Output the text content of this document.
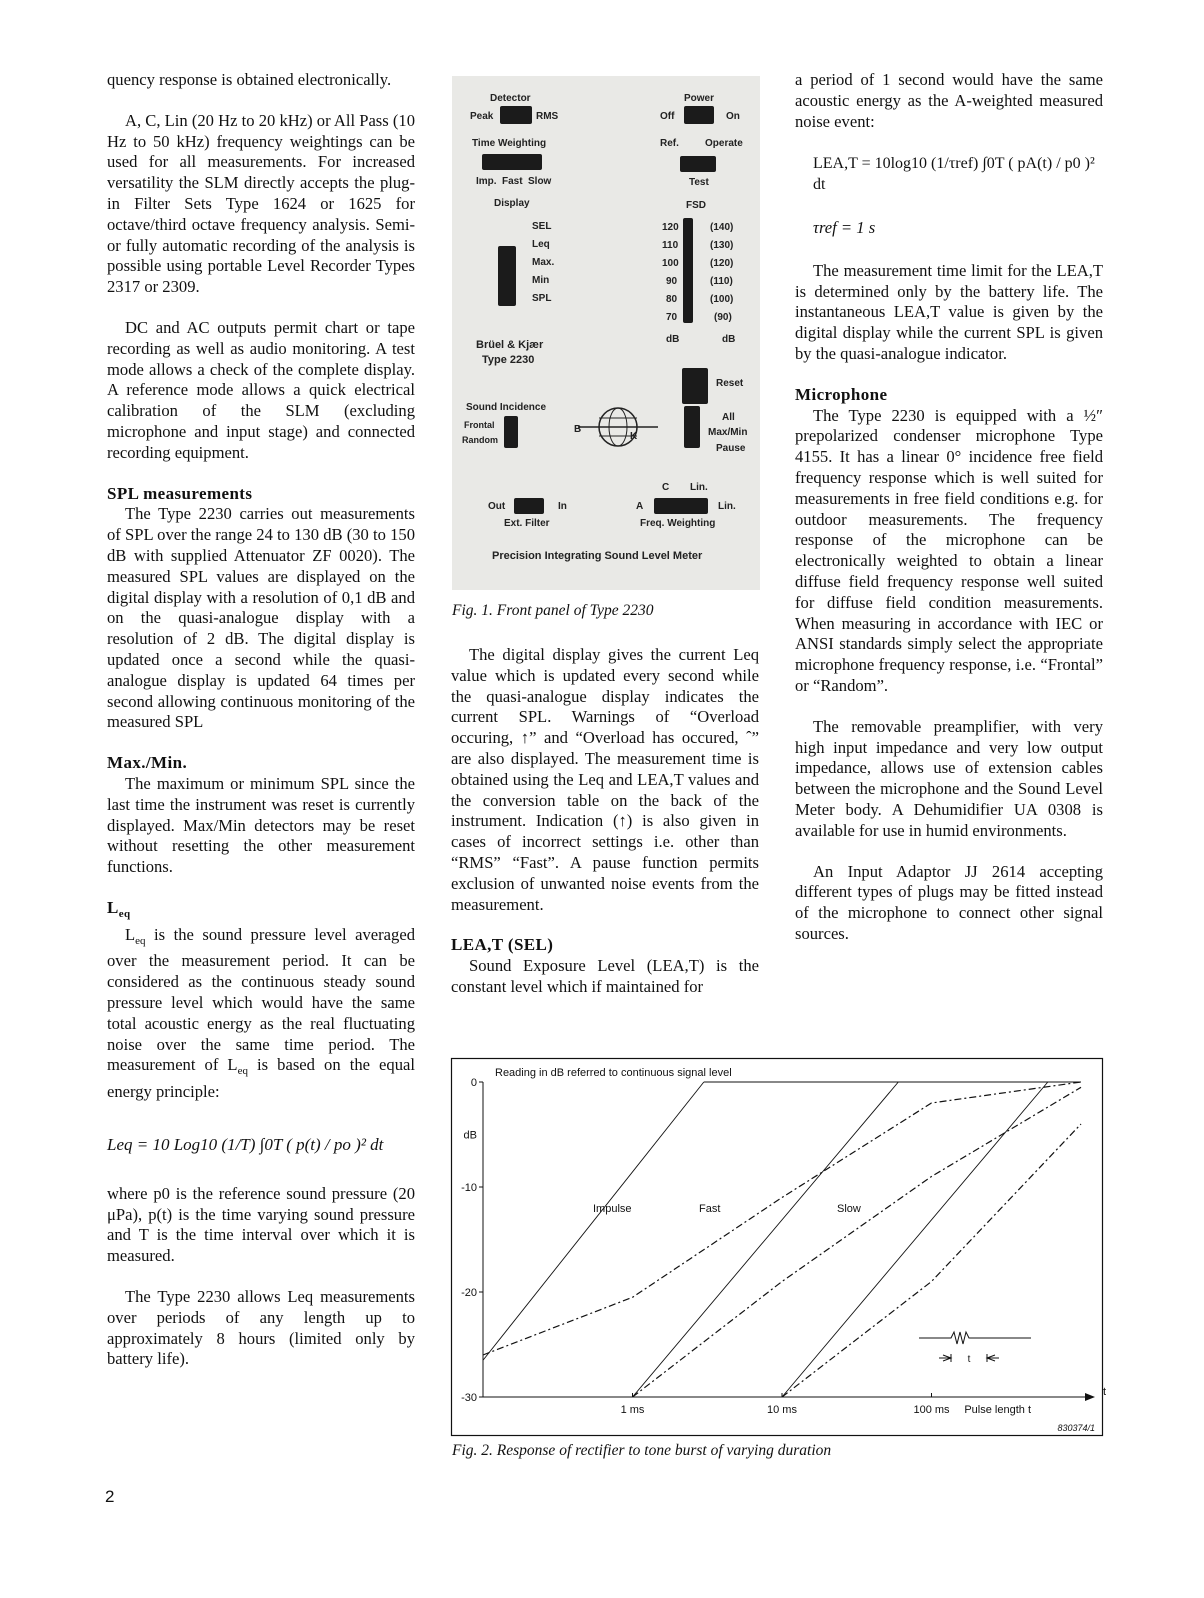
quency response is obtained electronically.

A, C, Lin (20 Hz to 20 kHz) or All Pass (10 Hz to 50 kHz) frequency weightings can be used for all measurements. For increased versatility the SLM directly accepts the plug-in Filter Sets Type 1624 or 1625 for octave/third octave frequency analysis. Semi- or fully automatic recording of the analysis is possible using portable Level Recorder Types 2317 or 2309.

DC and AC outputs permit chart or tape recording as well as audio monitoring. A test mode allows a check of the complete display. A reference mode allows a quick electrical calibration of the SLM (excluding microphone and input stage) and connected recording equipment.

SPL measurements

The Type 2230 carries out measurements of SPL over the range 24 to 130 dB (30 to 150 dB with supplied Attenuator ZF 0020). The measured SPL values are displayed on the digital display with a resolution of 0,1 dB and on the quasi-analogue display with a resolution of 2 dB. The digital display is updated once a second while the quasi-analogue display is updated 64 times per second allowing continuous monitoring of the measured SPL

Max./Min.

The maximum or minimum SPL since the last time the instrument was reset is currently displayed. Max/Min detectors may be reset without resetting the other measurement functions.

$L_{eq}$

$L_{eq}$ is the sound pressure level averaged over the measurement period. It can be considered as the continuous steady sound pressure level which would have the same total acoustic energy as the real fluctuating noise over the same time period. The measurement of $L_{eq}$ is based on the equal energy principle:

Leq = 10 Log10 (1/T) ∫0T ( p(t) / po )² dt

where p0 is the reference sound pressure (20 μPa), p(t) is the time varying sound pressure and T is the time interval over which it is measured.

The Type 2230 allows Leq measurements over periods of any length up to approximately 8 hours (limited only by battery life).

Detector
Peak	RMS
Time Weighting
Imp. Fast Slow
Display
SEL
Leq
Max.
Min
SPL
Brüel & Kjær
Type 2230
Power
Off	On
Ref.	Operate
Test
FSD
120
110
100
90
80
70
dB
(140)
(130)
(120)
(110)
(100)
(90)
dB
Reset
All
Max/Min
Pause
Sound Incidence
Frontal
Random
B
K
Out	In
Ext. Filter
C Lin.
A	Lin.
Freq. Weighting
Precision Integrating Sound Level Meter
Fig. 1. Front panel of Type 2230

The digital display gives the current Leq value which is updated every second while the quasi-analogue display indicates the current SPL. Warnings of “Overload occuring, ↑” and “Overload has occured, ˆ” are also displayed. The measurement time is obtained using the Leq and LEA,T values and the conversion table on the back of the instrument. Indication (↑) is also given in cases of incorrect settings i.e. other than “RMS” “Fast”. A pause function permits exclusion of unwanted noise events from the measurement.

LEA,T (SEL)

Sound Exposure Level (LEA,T) is the constant level which if maintained for

a period of 1 second would have the same acoustic energy as the A-weighted measured noise event:

LEA,T = 10log10 (1/τref) ∫0T ( pA(t) / p0 )² dt

τref = 1 s

The measurement time limit for the LEA,T is determined only by the battery life. The instantaneous LEA,T value is given by the digital display while the current SPL is given by the quasi-analogue indicator.

Microphone

The Type 2230 is equipped with a ½″ prepolarized condenser microphone Type 4155. It has a linear 0° incidence free field frequency response which is well suited for measurements in free field conditions e.g. for outdoor measurements. The frequency response of the microphone can be electronically weighted to obtain a linear diffuse field frequency response well suited for diffuse field condition measurements. When measuring in accordance with IEC or ANSI standards simply select the appropriate microphone frequency response, i.e. “Frontal” or “Random”.

The removable preamplifier, with very high input impedance and very low output impedance, allows use of extension cables between the microphone and the Sound Level Meter body. A Dehumidifier UA 0308 is available for use in humid environments.

An Input Adaptor JJ 2614 accepting different types of plugs may be fitted instead of the microphone to connect other signal sources.

t
Reading in dB referred to continuous signal level
0
-10
-20
-30
dB
1 ms	10 ms	100 ms Pulse length t
830374/1
Impulse	Fast	Slow
t
Fig. 2. Response of rectifier to tone burst of varying duration
2
